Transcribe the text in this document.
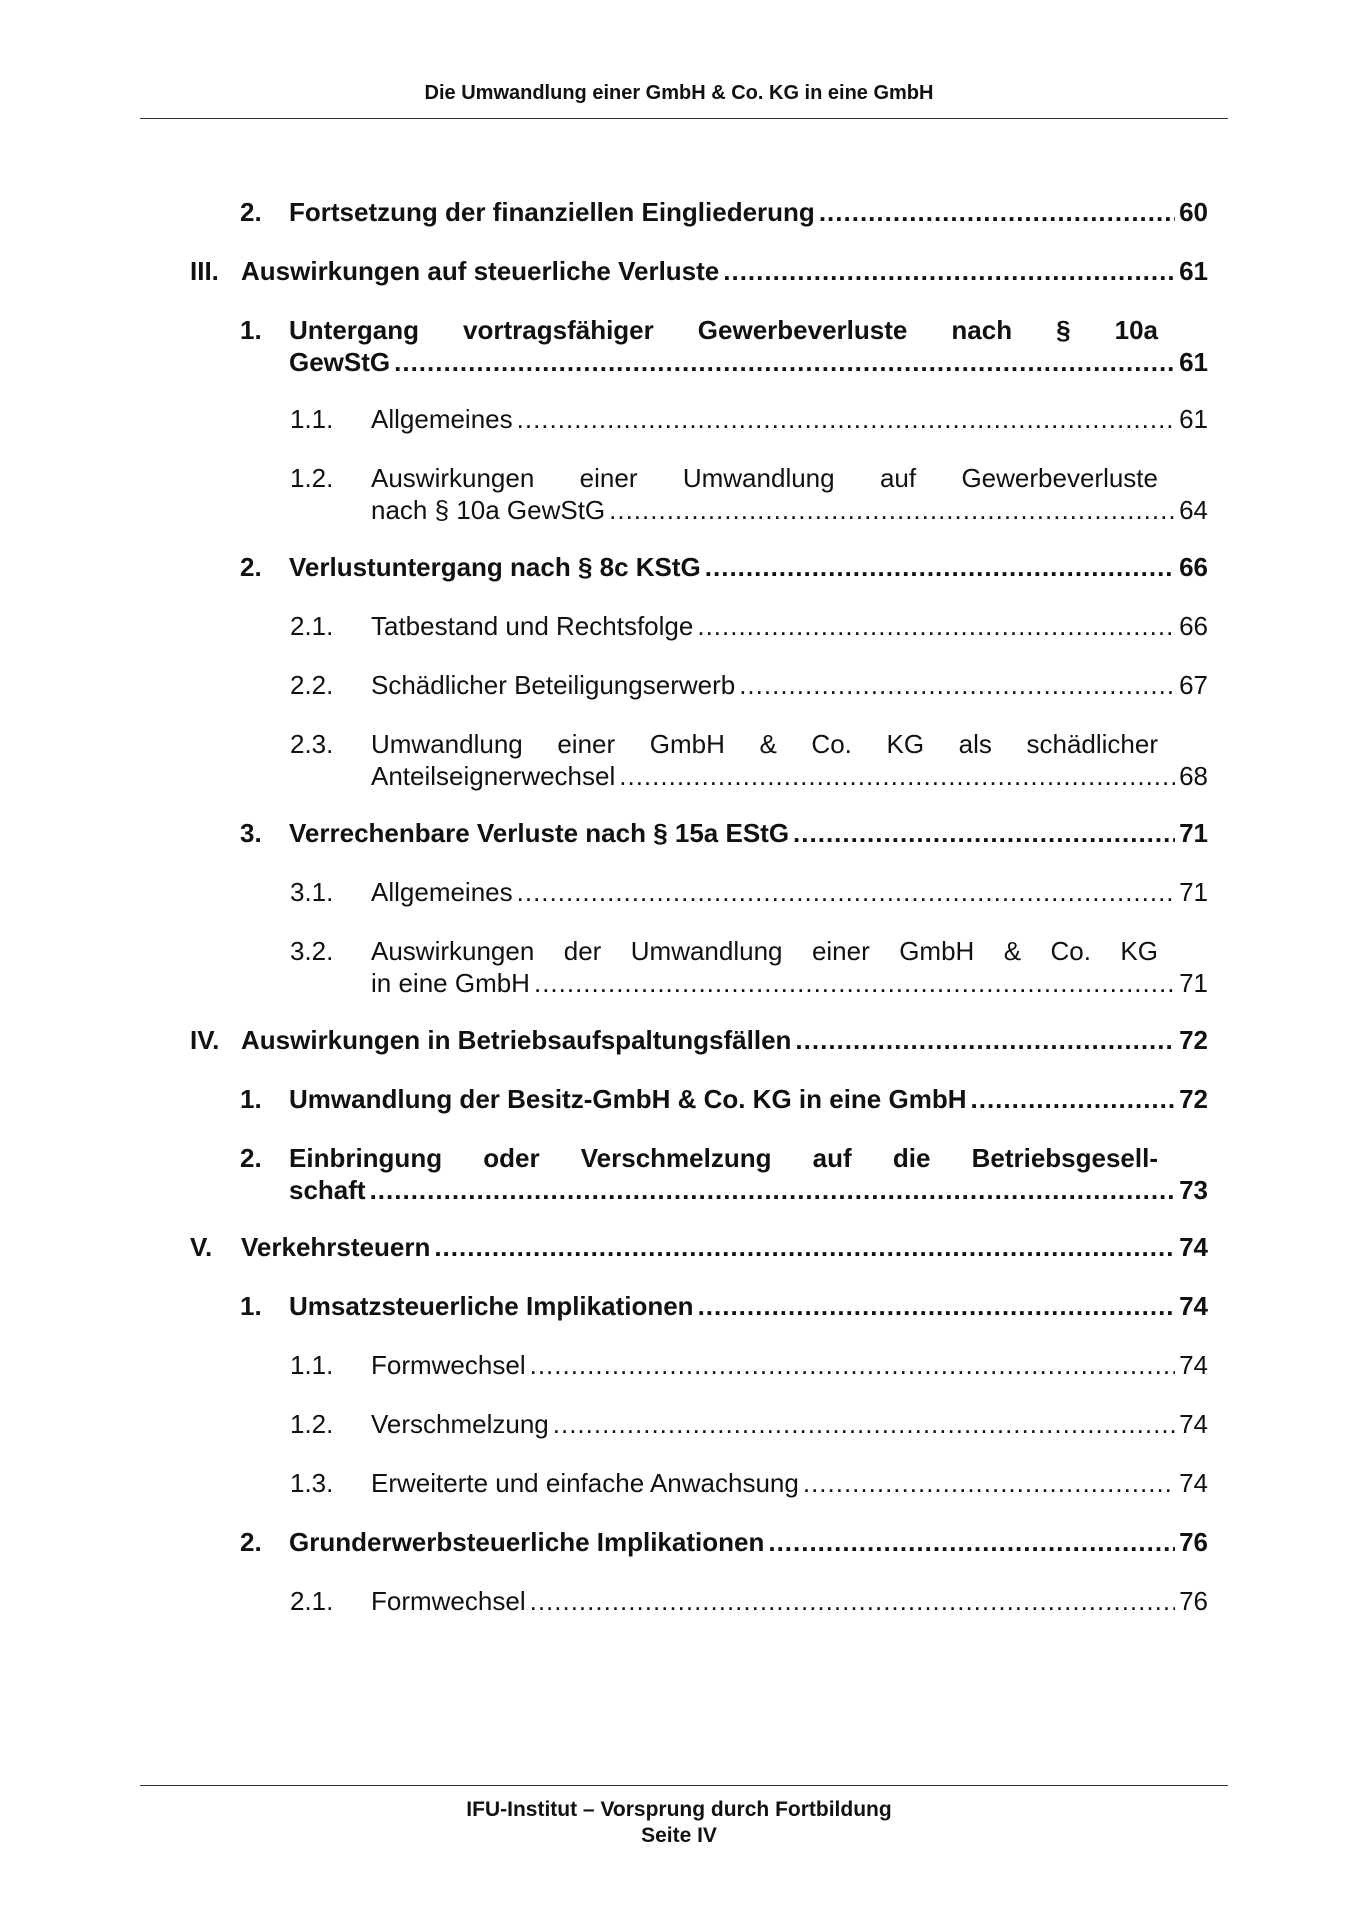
Die Umwandlung einer GmbH & Co. KG in eine GmbH
2. Fortsetzung der finanziellen Eingliederung .....	60
III. Auswirkungen auf steuerliche Verluste .....	61
1. Untergang vortragsfähiger Gewerbeverluste nach § 10a
GewStG .....	61
1.1. Allgemeines .....	61
1.2. Auswirkungen einer Umwandlung auf Gewerbeverluste
nach § 10a GewStG .....	64
2. Verlustuntergang nach § 8c KStG .....	66
2.1. Tatbestand und Rechtsfolge .....	66
2.2. Schädlicher Beteiligungserwerb .....	67
2.3. Umwandlung einer GmbH & Co. KG als schädlicher
Anteilseignerwechsel .....	68
3. Verrechenbare Verluste nach § 15a EStG .....	71
3.1. Allgemeines .....	71
3.2. Auswirkungen der Umwandlung einer GmbH & Co. KG
in eine GmbH .....	71
IV. Auswirkungen in Betriebsaufspaltungsfällen .....	72
1. Umwandlung der Besitz-GmbH & Co. KG in eine GmbH .....	72
2. Einbringung oder Verschmelzung auf die Betriebsgesell-
schaft .....	73
V. Verkehrsteuern .....	74
1. Umsatzsteuerliche Implikationen .....	74
1.1. Formwechsel .....	74
1.2. Verschmelzung .....	74
1.3. Erweiterte und einfache Anwachsung .....	74
2. Grunderwerbsteuerliche Implikationen .....	76
2.1. Formwechsel .....	76
IFU-Institut – Vorsprung durch Fortbildung
Seite IV
